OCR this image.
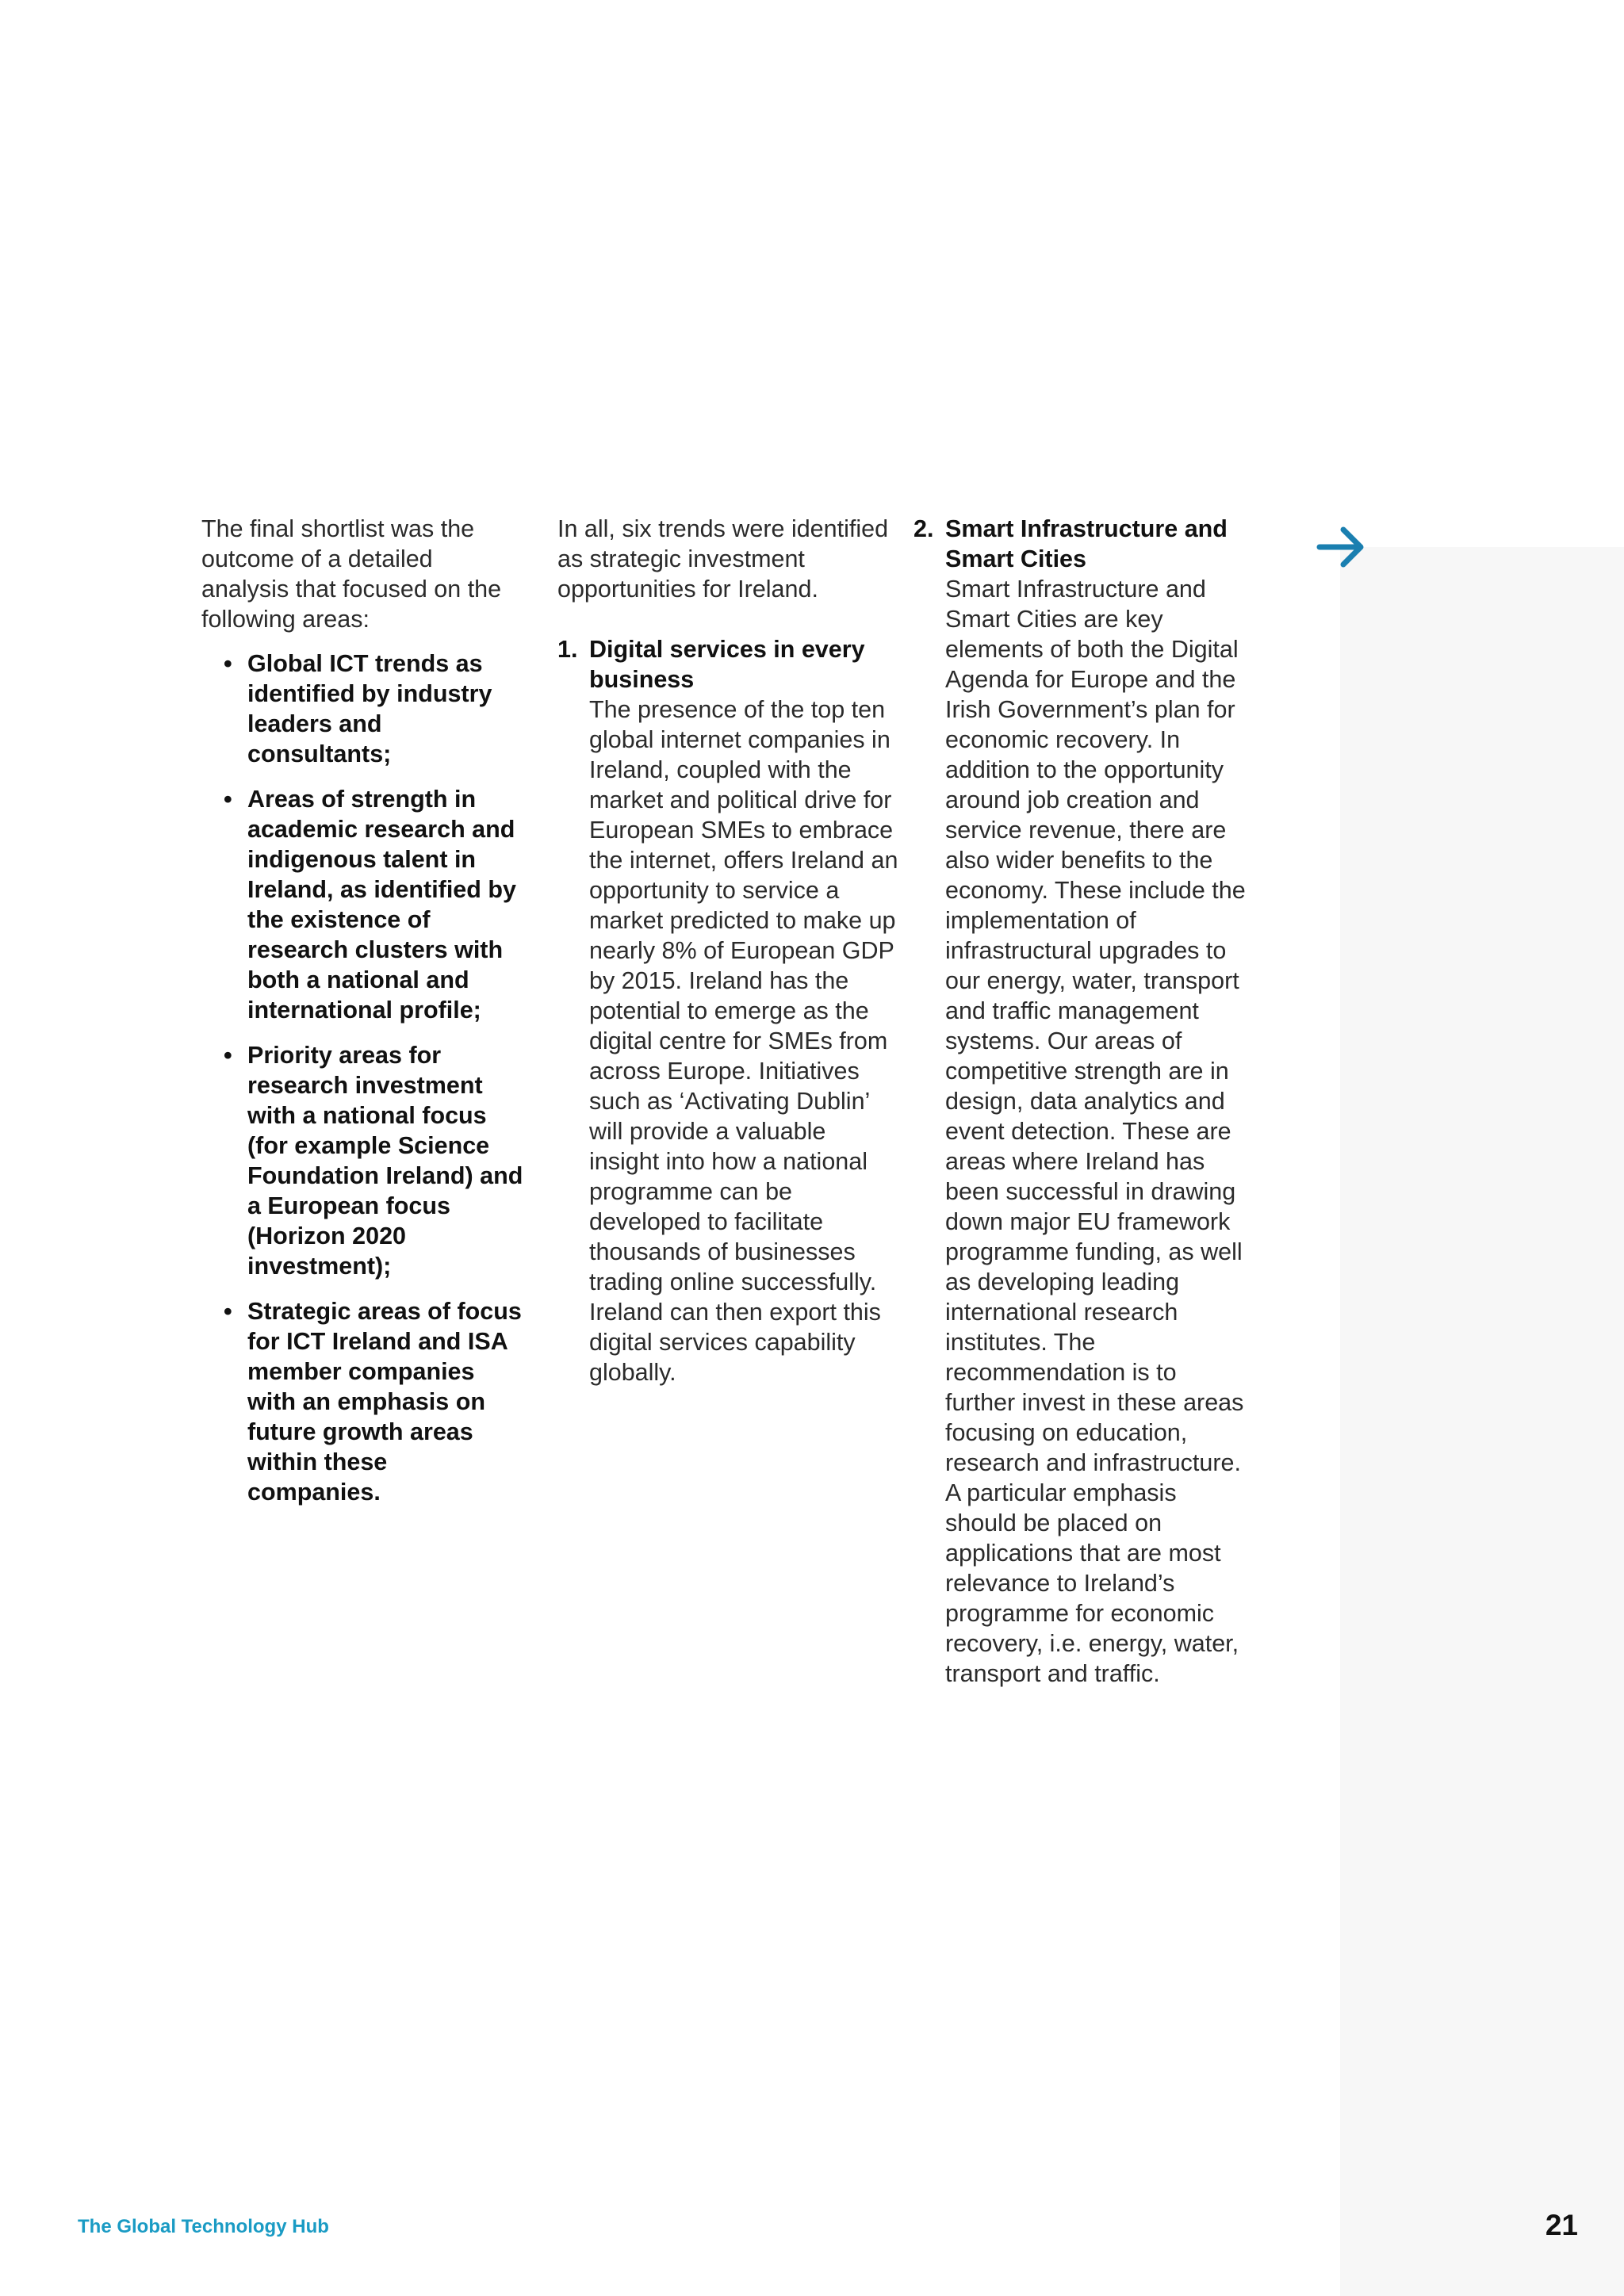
The final shortlist was the outcome of a detailed analysis that focused on the following areas:

• Global ICT trends as identified by industry leaders and consultants;
• Areas of strength in academic research and indigenous talent in Ireland, as identified by the existence of research clusters with both a national and international profile;
• Priority areas for research investment with a national focus (for example Science Foundation Ireland) and a European focus (Horizon 2020 investment);
• Strategic areas of focus for ICT Ireland and ISA member companies with an emphasis on future growth areas within these companies.

In all, six trends were identified as strategic investment opportunities for Ireland.

1. Digital services in every business
The presence of the top ten global internet companies in Ireland, coupled with the market and political drive for European SMEs to embrace the internet, offers Ireland an opportunity to service a market predicted to make up nearly 8% of European GDP by 2015. Ireland has the potential to emerge as the digital centre for SMEs from across Europe. Initiatives such as ‘Activating Dublin’ will provide a valuable insight into how a national programme can be developed to facilitate thousands of businesses trading online successfully. Ireland can then export this digital services capability globally.
2. Smart Infrastructure and Smart Cities
Smart Infrastructure and Smart Cities are key elements of both the Digital Agenda for Europe and the Irish Government’s plan for economic recovery. In addition to the opportunity around job creation and service revenue, there are also wider benefits to the economy. These include the implementation of infrastructural upgrades to our energy, water, transport and traffic management systems. Our areas of competitive strength are in design, data analytics and event detection. These are areas where Ireland has been successful in drawing down major EU framework programme funding, as well as developing leading international research institutes. The recommendation is to further invest in these areas focusing on education, research and infrastructure. A particular emphasis should be placed on applications that are most relevance to Ireland’s programme for economic recovery, i.e. energy, water, transport and traffic.
The Global Technology Hub	21
